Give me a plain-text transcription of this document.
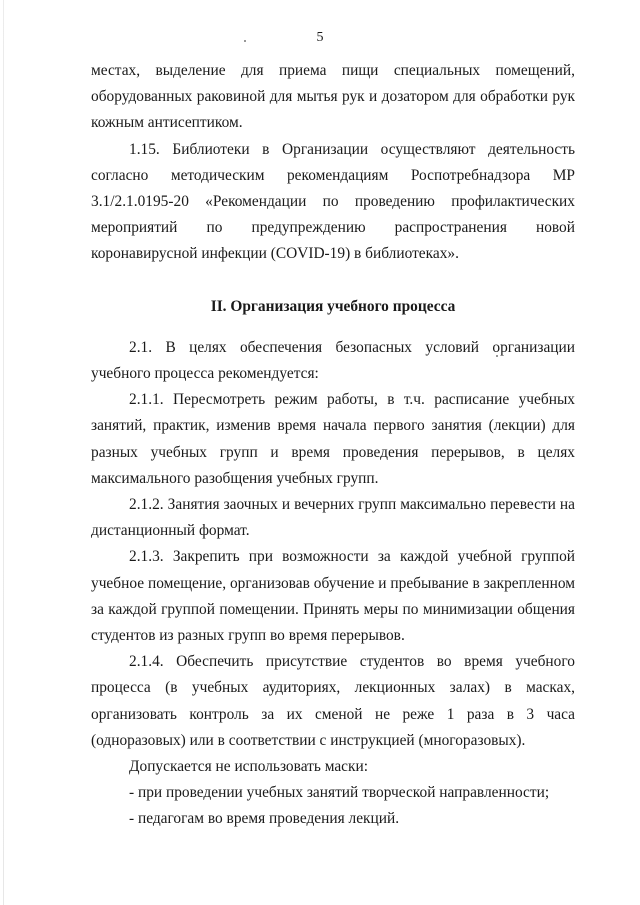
5

местах, выделение для приема пищи специальных помещений, оборудованных раковиной для мытья рук и дозатором для обработки рук кожным антисептиком.

1.15. Библиотеки в Организации осуществляют деятельность согласно методическим рекомендациям Роспотребнадзора МР 3.1/2.1.0195-20 «Рекомендации по проведению профилактических мероприятий по предупреждению распространения новой коронавирусной инфекции (COVID-19) в библиотеках».

II. Организация учебного процесса

2.1. В целях обеспечения безопасных условий организации учебного процесса рекомендуется:

2.1.1. Пересмотреть режим работы, в т.ч. расписание учебных занятий, практик, изменив время начала первого занятия (лекции) для разных учебных групп и время проведения перерывов, в целях максимального разобщения учебных групп.

2.1.2. Занятия заочных и вечерних групп максимально перевести на дистанционный формат.

2.1.3. Закрепить при возможности за каждой учебной группой учебное помещение, организовав обучение и пребывание в закрепленном за каждой группой помещении. Принять меры по минимизации общения студентов из разных групп во время перерывов.

2.1.4. Обеспечить присутствие студентов во время учебного процесса (в учебных аудиториях, лекционных залах) в масках, организовать контроль за их сменой не реже 1 раза в 3 часа (одноразовых) или в соответствии с инструкцией (многоразовых).

Допускается не использовать маски:

- при проведении учебных занятий творческой направленности;

- педагогам во время проведения лекций.
